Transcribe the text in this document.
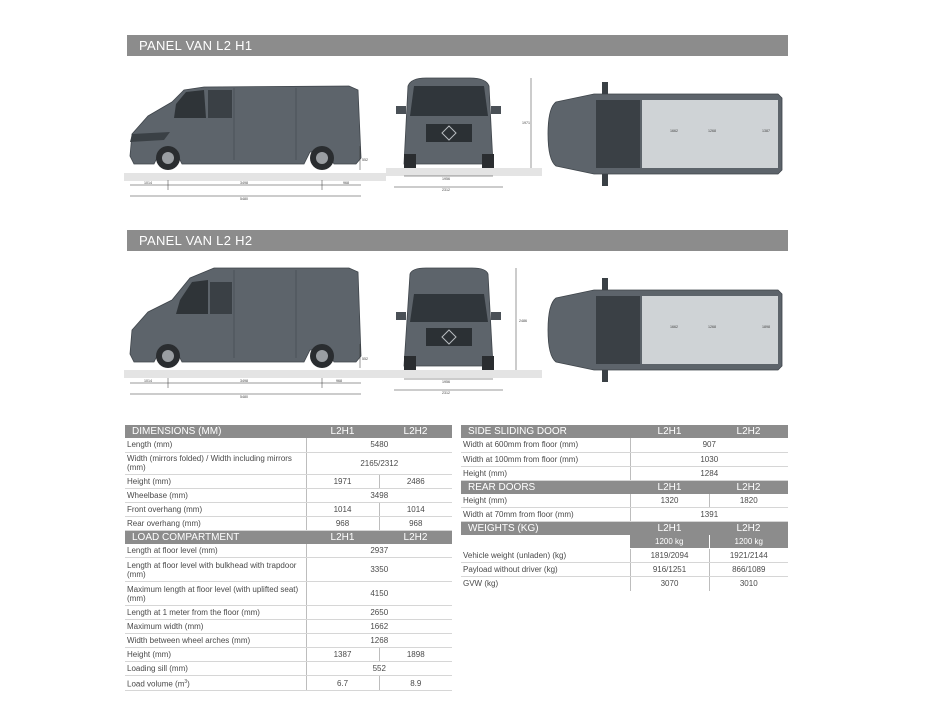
PANEL VAN L2 H1
552
1014	3498	968
5480
1971
1956
2312
1662	1268	1387
PANEL VAN L2 H2
552
1014	3498	968
5480
2486
1956
2312
1662	1268	1898
DIMENSIONS (MM)	L2H1	L2H2
Length (mm)	5480	
Width (mirrors folded) / Width including mirrors (mm)	2165/2312	
Height (mm)	1971	2486
Wheelbase (mm)	3498	
Front overhang (mm)	1014	1014
Rear overhang (mm)	968	968
LOAD COMPARTMENT	L2H1	L2H2
Length at floor level (mm)	2937	
Length at floor level with bulkhead with trapdoor (mm)	3350	
Maximum length at floor level (with uplifted seat) (mm)	4150	
Length at 1 meter from the floor (mm)	2650	
Maximum width (mm)	1662	
Width between wheel arches (mm)	1268	
Height (mm)	1387	1898
Loading sill (mm)	552	
Load volume $(m^3)$	6.7	8.9
SIDE SLIDING DOOR	L2H1	L2H2
Width at 600mm from floor (mm)	907	
Width at 100mm from floor (mm)	1030	
Height (mm)	1284	
REAR DOORS	L2H1	L2H2
Height (mm)	1320	1820
Width at 70mm from floor (mm)	1391	
WEIGHTS (KG)	L2H1	L2H2
	1200 kg	1200 kg
Vehicle weight (unladen) (kg)	1819/2094	1921/2144
Payload without driver (kg)	916/1251	866/1089
GVW (kg)	3070	3010
